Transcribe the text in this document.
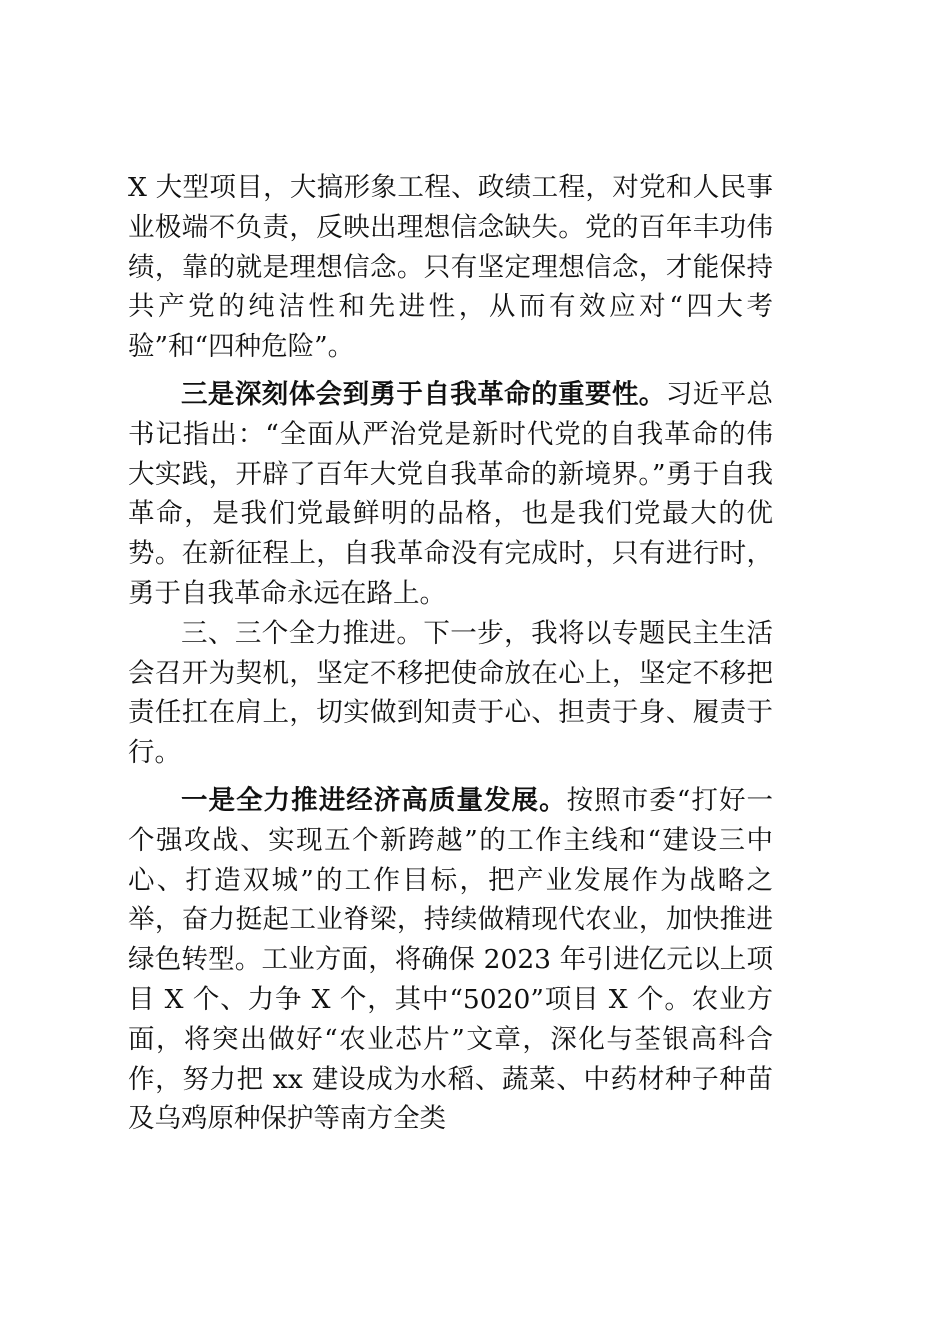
X 大型项目，大搞形象工程、政绩工程，对党和人民事业极端不负责，反映出理想信念缺失。党的百年丰功伟绩，靠的就是理想信念。只有坚定理想信念，才能保持共产党的纯洁性和先进性，从而有效应对“四大考验”和“四种危险”。

三是深刻体会到勇于自我革命的重要性。习近平总书记指出：“全面从严治党是新时代党的自我革命的伟大实践，开辟了百年大党自我革命的新境界。”勇于自我革命，是我们党最鲜明的品格，也是我们党最大的优势。在新征程上，自我革命没有完成时，只有进行时，勇于自我革命永远在路上。

三、三个全力推进。下一步，我将以专题民主生活会召开为契机，坚定不移把使命放在心上，坚定不移把责任扛在肩上，切实做到知责于心、担责于身、履责于行。

一是全力推进经济高质量发展。按照市委“打好一个强攻战、实现五个新跨越”的工作主线和“建设三中心、打造双城”的工作目标，把产业发展作为战略之举，奋力挺起工业脊梁，持续做精现代农业，加快推进绿色转型。工业方面，将确保 2023 年引进亿元以上项目 X 个、力争 X 个，其中“5020”项目 X 个。农业方面，将突出做好“农业芯片”文章，深化与荃银高科合作，努力把 xx 建设成为水稻、蔬菜、中药材种子种苗及乌鸡原种保护等南方全类
